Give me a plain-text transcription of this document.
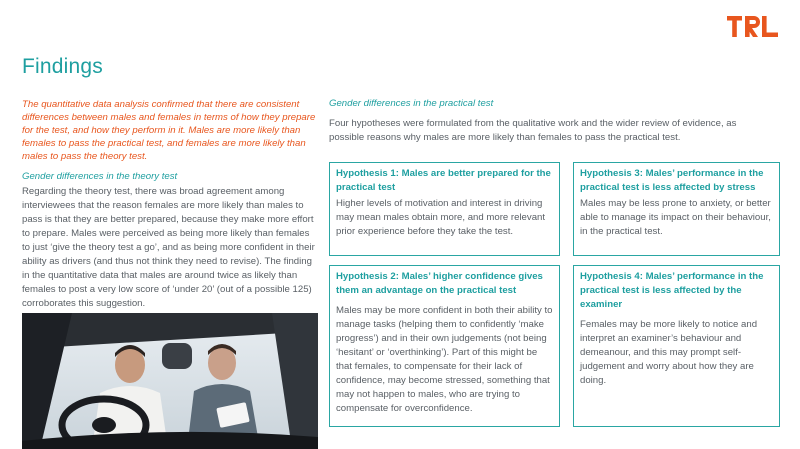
Findings
The quantitative data analysis confirmed that there are consistent differences between males and females in terms of how they prepare for the test, and how they perform in it. Males are more likely than females to pass the practical test, and females are more likely than males to pass the theory test.
Gender differences in the theory test
Regarding the theory test, there was broad agreement among interviewees that the reason females are more likely than males to pass is that they are better prepared, because they make more effort to prepare. Males were perceived as being more likely than females to just ‘give the theory test a go’, and as being more confident in their ability as drivers (and thus not think they need to revise). The finding in the quantitative data that males are around twice as likely than females to post a very low score of ‘under 20’ (out of a possible 125) corroborates this suggestion.
Gender differences in the practical test
Four hypotheses were formulated from the qualitative work and the wider review of evidence, as possible reasons why males are more likely than females to pass the practical test.
Hypothesis 1: Males are better prepared for the practical test

Higher levels of motivation and interest in driving may mean males obtain more, and more relevant prior experience before they take the test.

Hypothesis 3: Males’ performance in the practical test is less affected by stress

Males may be less prone to anxiety, or better able to manage its impact on their behaviour, in the practical test.

Hypothesis 2: Males’ higher confidence gives them an advantage on the practical test

Males may be more confident in both their ability to manage tasks (helping them to confidently ‘make progress’) and in their own judgements (not being ‘hesitant’ or ‘overthinking’). Part of this might be that females, to compensate for their lack of confidence, may become stressed, something that may not happen to males, who are trying to compensate for overconfidence.

Hypothesis 4: Males’ performance in the practical test is less affected by the examiner

Females may be more likely to notice and interpret an examiner’s behaviour and demeanour, and this may prompt self-judgement and worry about how they are doing.
